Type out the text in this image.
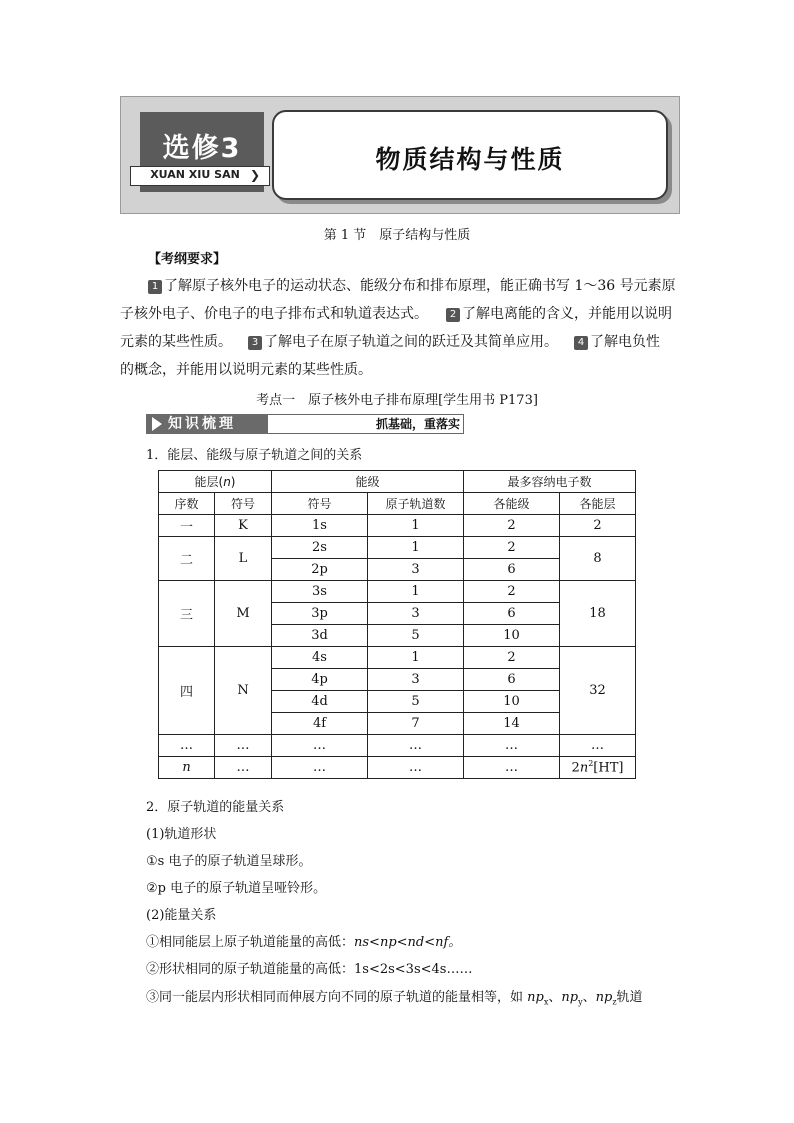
选修3
XUAN XIU SAN ❯
物质结构与性质
第 1 节　原子结构与性质
【考纲要求】
1 了解原子核外电子的运动状态、能级分布和排布原理，能正确书写 1～36 号元素原
子核外电子、价电子的电子排布式和轨道表达式。 2 了解电离能的含义，并能用以说明
元素的某些性质。 3 了解电子在原子轨道之间的跃迁及其简单应用。 4 了解电负性
的概念，并能用以说明元素的某些性质。
考点一　原子核外电子排布原理[学生用书 P173]
知识梳理	抓基础，重落实
1．能层、能级与原子轨道之间的关系
能层(n)		能级		最多容纳电子数	
序数	符号	符号	原子轨道数	各能级	各能层
一	K	1s	1	2	2
二	L	2s	1	2	8
		2p	3	6	
三	M	3s	1	2	18
		3p	3	6	
		3d	5	10	
四	N	4s	1	2	32
		4p	3	6	
		4d	5	10	
		4f	7	14	
…	…	…	…	…	…
n	…	…	…	…	$2n^2[HT]$
2．原子轨道的能量关系
(1)轨道形状
①s 电子的原子轨道呈球形。
②p 电子的原子轨道呈哑铃形。
(2)能量关系
①相同能层上原子轨道能量的高低：ns<np<nd<nf。
②形状相同的原子轨道能量的高低：1s<2s<3s<4s……
③同一能层内形状相同而伸展方向不同的原子轨道的能量相等，如 $np_x$、$np_y$、$np_z$轨道
